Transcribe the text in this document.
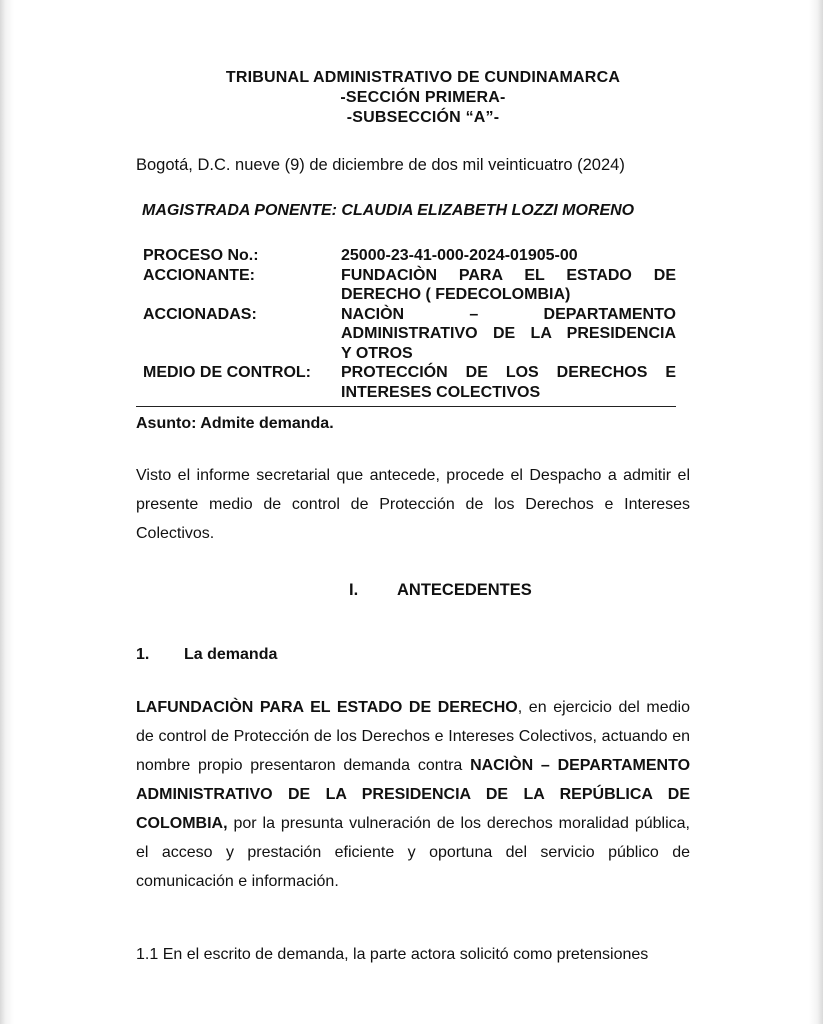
TRIBUNAL ADMINISTRATIVO DE CUNDINAMARCA
-SECCIÓN PRIMERA-
-SUBSECCIÓN “A”-
Bogotá, D.C. nueve (9) de diciembre de dos mil veinticuatro (2024)
MAGISTRADA PONENTE: CLAUDIA ELIZABETH LOZZI MORENO
PROCESO No.:	25000-23-41-000-2024-01905-00
ACCIONANTE:	FUNDACIÒN PARA EL ESTADO DE
DERECHO ( FEDECOLOMBIA)

ACCIONADAS:	NACIÒN – DEPARTAMENTO
ADMINISTRATIVO DE LA PRESIDENCIA
Y OTROS

MEDIO DE CONTROL:	PROTECCIÓN DE LOS DERECHOS E
INTERESES COLECTIVOS
Asunto: Admite demanda.
Visto el informe secretarial que antecede, procede el Despacho a admitir el presente medio de control de Protección de los Derechos e Intereses Colectivos.
I. ANTECEDENTES
1. La demanda
LAFUNDACIÒN PARA EL ESTADO DE DERECHO, en ejercicio del medio de control de Protección de los Derechos e Intereses Colectivos, actuando en nombre propio presentaron demanda contra NACIÒN – DEPARTAMENTO ADMINISTRATIVO DE LA PRESIDENCIA DE LA REPÚBLICA DE COLOMBIA, por la presunta vulneración de los derechos moralidad pública, el acceso y prestación eficiente y oportuna del servicio público de comunicación e información.
1.1 En el escrito de demanda, la parte actora solicitó como pretensiones
